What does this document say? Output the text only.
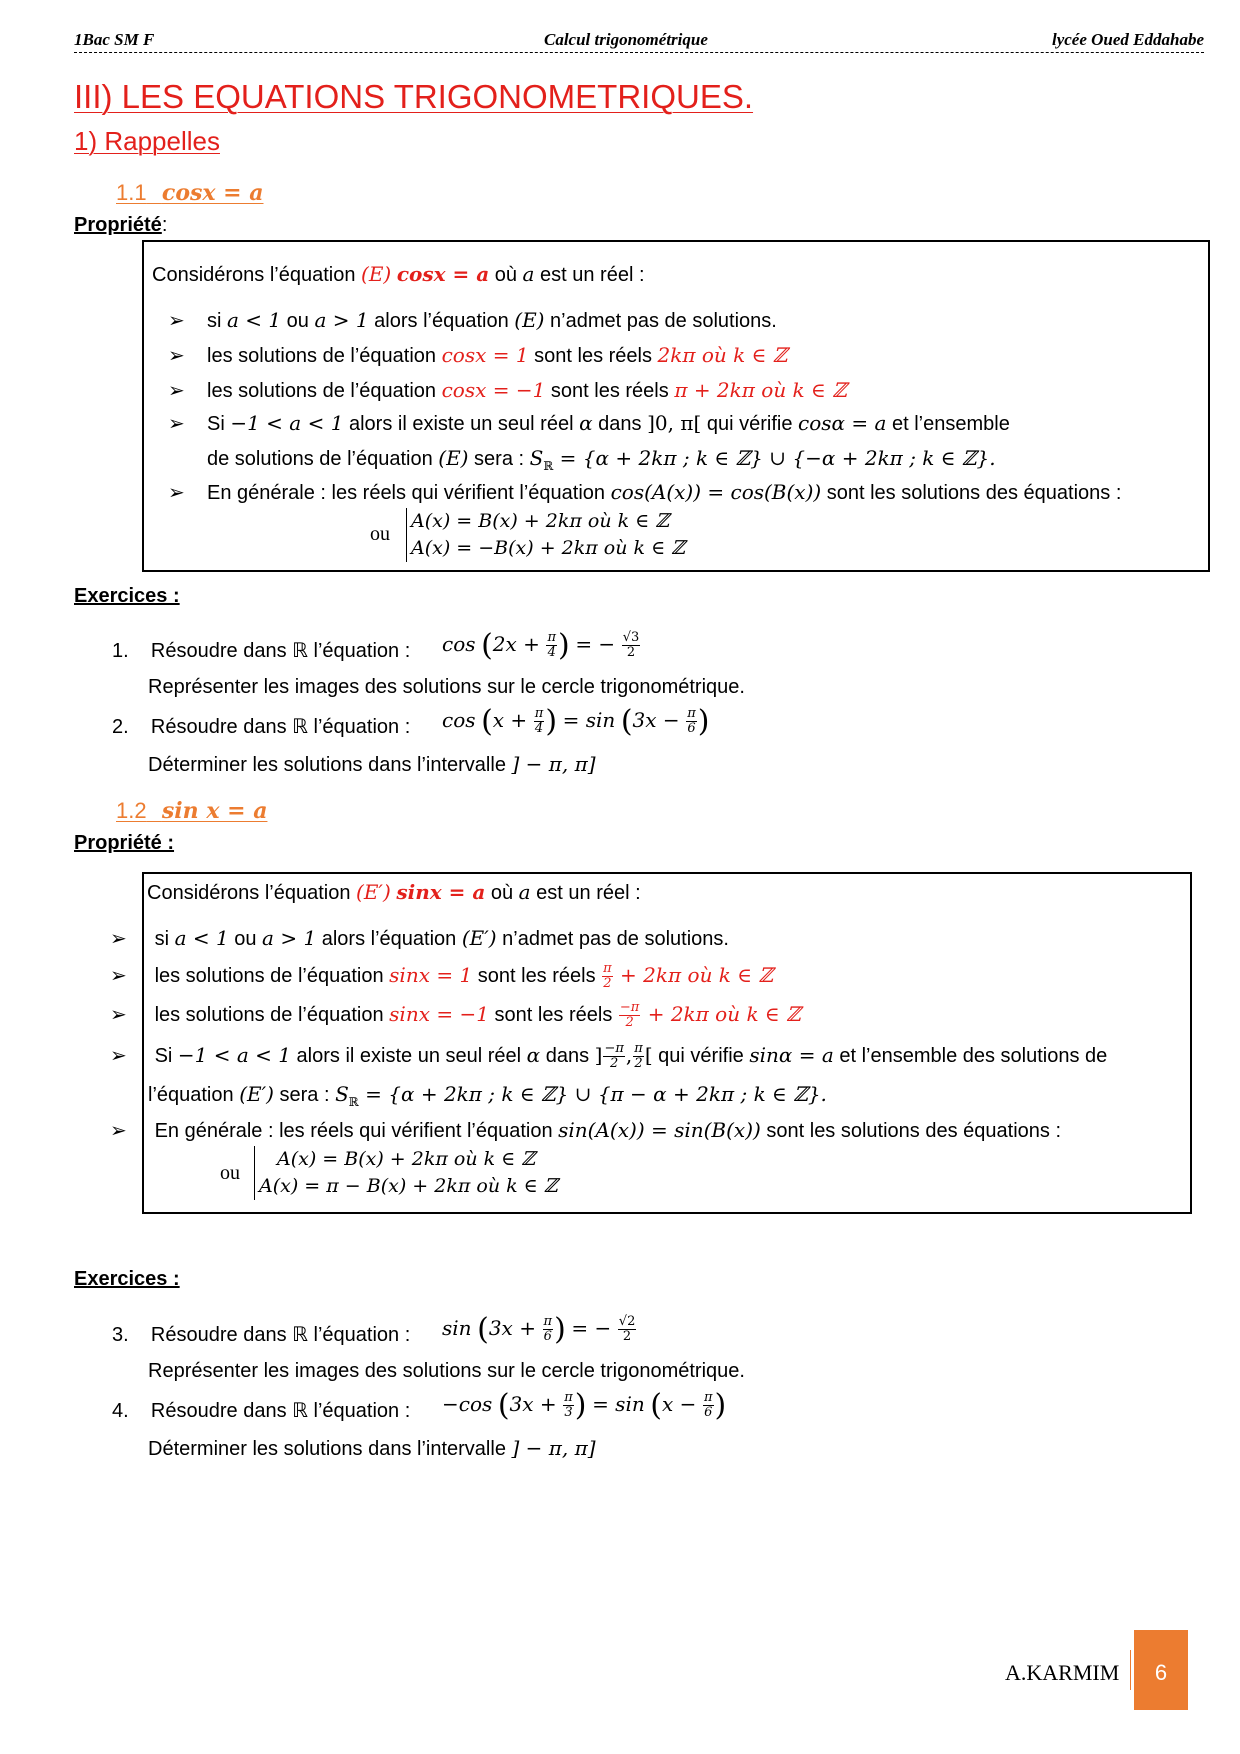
1Bac SM F	Calcul trigonométrique	lycée Oued Eddahabe
III) LES EQUATIONS TRIGONOMETRIQUES.
1) Rappelles
1.1 cosx = a
Propriété:
Considérons l’équation (E) cosx = a où a est un réel :
➢ si a < 1 ou a > 1 alors l’équation (E) n’admet pas de solutions.
➢ les solutions de l’équation cosx = 1 sont les réels 2kπ où k ∈ ℤ
➢ les solutions de l’équation cosx = −1 sont les réels π + 2kπ où k ∈ ℤ
➢ Si −1 < a < 1 alors il existe un seul réel α dans ]0, π[ qui vérifie cosα = a et l’ensemble
de solutions de l’équation (E) sera : $S_ℝ = \{\alpha + 2k\pi$ ; k ∈ ℤ} ∪ {−α + 2kπ ; k ∈ ℤ}.
➢ En générale : les réels qui vérifient l’équation cos(A(x)) = cos(B(x)) sont les solutions des équations :
ou
A(x) = B(x) + 2kπ où k ∈ ℤ
A(x) = −B(x) + 2kπ où k ∈ ℤ
Exercices :
1. Résoudre dans ℝ l’équation : $\cos (2x + \frac{\pi}{4}$ ) = − $\frac{√3}{2}$
Représenter les images des solutions sur le cercle trigonométrique.
2. Résoudre dans ℝ l’équation : $\cos (x + \frac{\pi}{4}$ ) = $\sin (3x - \frac{\pi}{6}$ )
Déterminer les solutions dans l’intervalle ] − π, π]
1.2 sin x = a
Propriété :
Considérons l’équation (E′) sinx = a où a est un réel :
➢ si a < 1 ou a > 1 alors l’équation (E′) n’admet pas de solutions.
➢ les solutions de l’équation sinx = 1 sont les réels $\frac{\pi}{2} + 2k\pi$ où k ∈ ℤ
➢ les solutions de l’équation sinx = −1 sont les réels $\frac{-\pi}{2} + 2k\pi$ où k ∈ ℤ
➢ Si −1 < a < 1 alors il existe un seul réel α dans ] $\frac{-\pi}{2}$ , $\frac{\pi}{2}$ [ qui vérifie sinα = a et l’ensemble des solutions de
l’équation (E′) sera : $S_ℝ = \{\alpha + 2k\pi$ ; k ∈ ℤ} ∪ {π − α + 2kπ ; k ∈ ℤ}.
➢ En générale : les réels qui vérifient l’équation sin(A(x)) = sin(B(x)) sont les solutions des équations :
ou
A(x) = B(x) + 2kπ où k ∈ ℤ
A(x) = π − B(x) + 2kπ où k ∈ ℤ
Exercices :
3. Résoudre dans ℝ l’équation : $\sin (3x + \frac{\pi}{6}$ ) = − $\frac{√2}{2}$
Représenter les images des solutions sur le cercle trigonométrique.
4. Résoudre dans ℝ l’équation : −cos ($3x + \frac{\pi}{3}$ ) = $\sin (x - \frac{\pi}{6}$ )
Déterminer les solutions dans l’intervalle ] − π, π]
A.KARMIM	6
